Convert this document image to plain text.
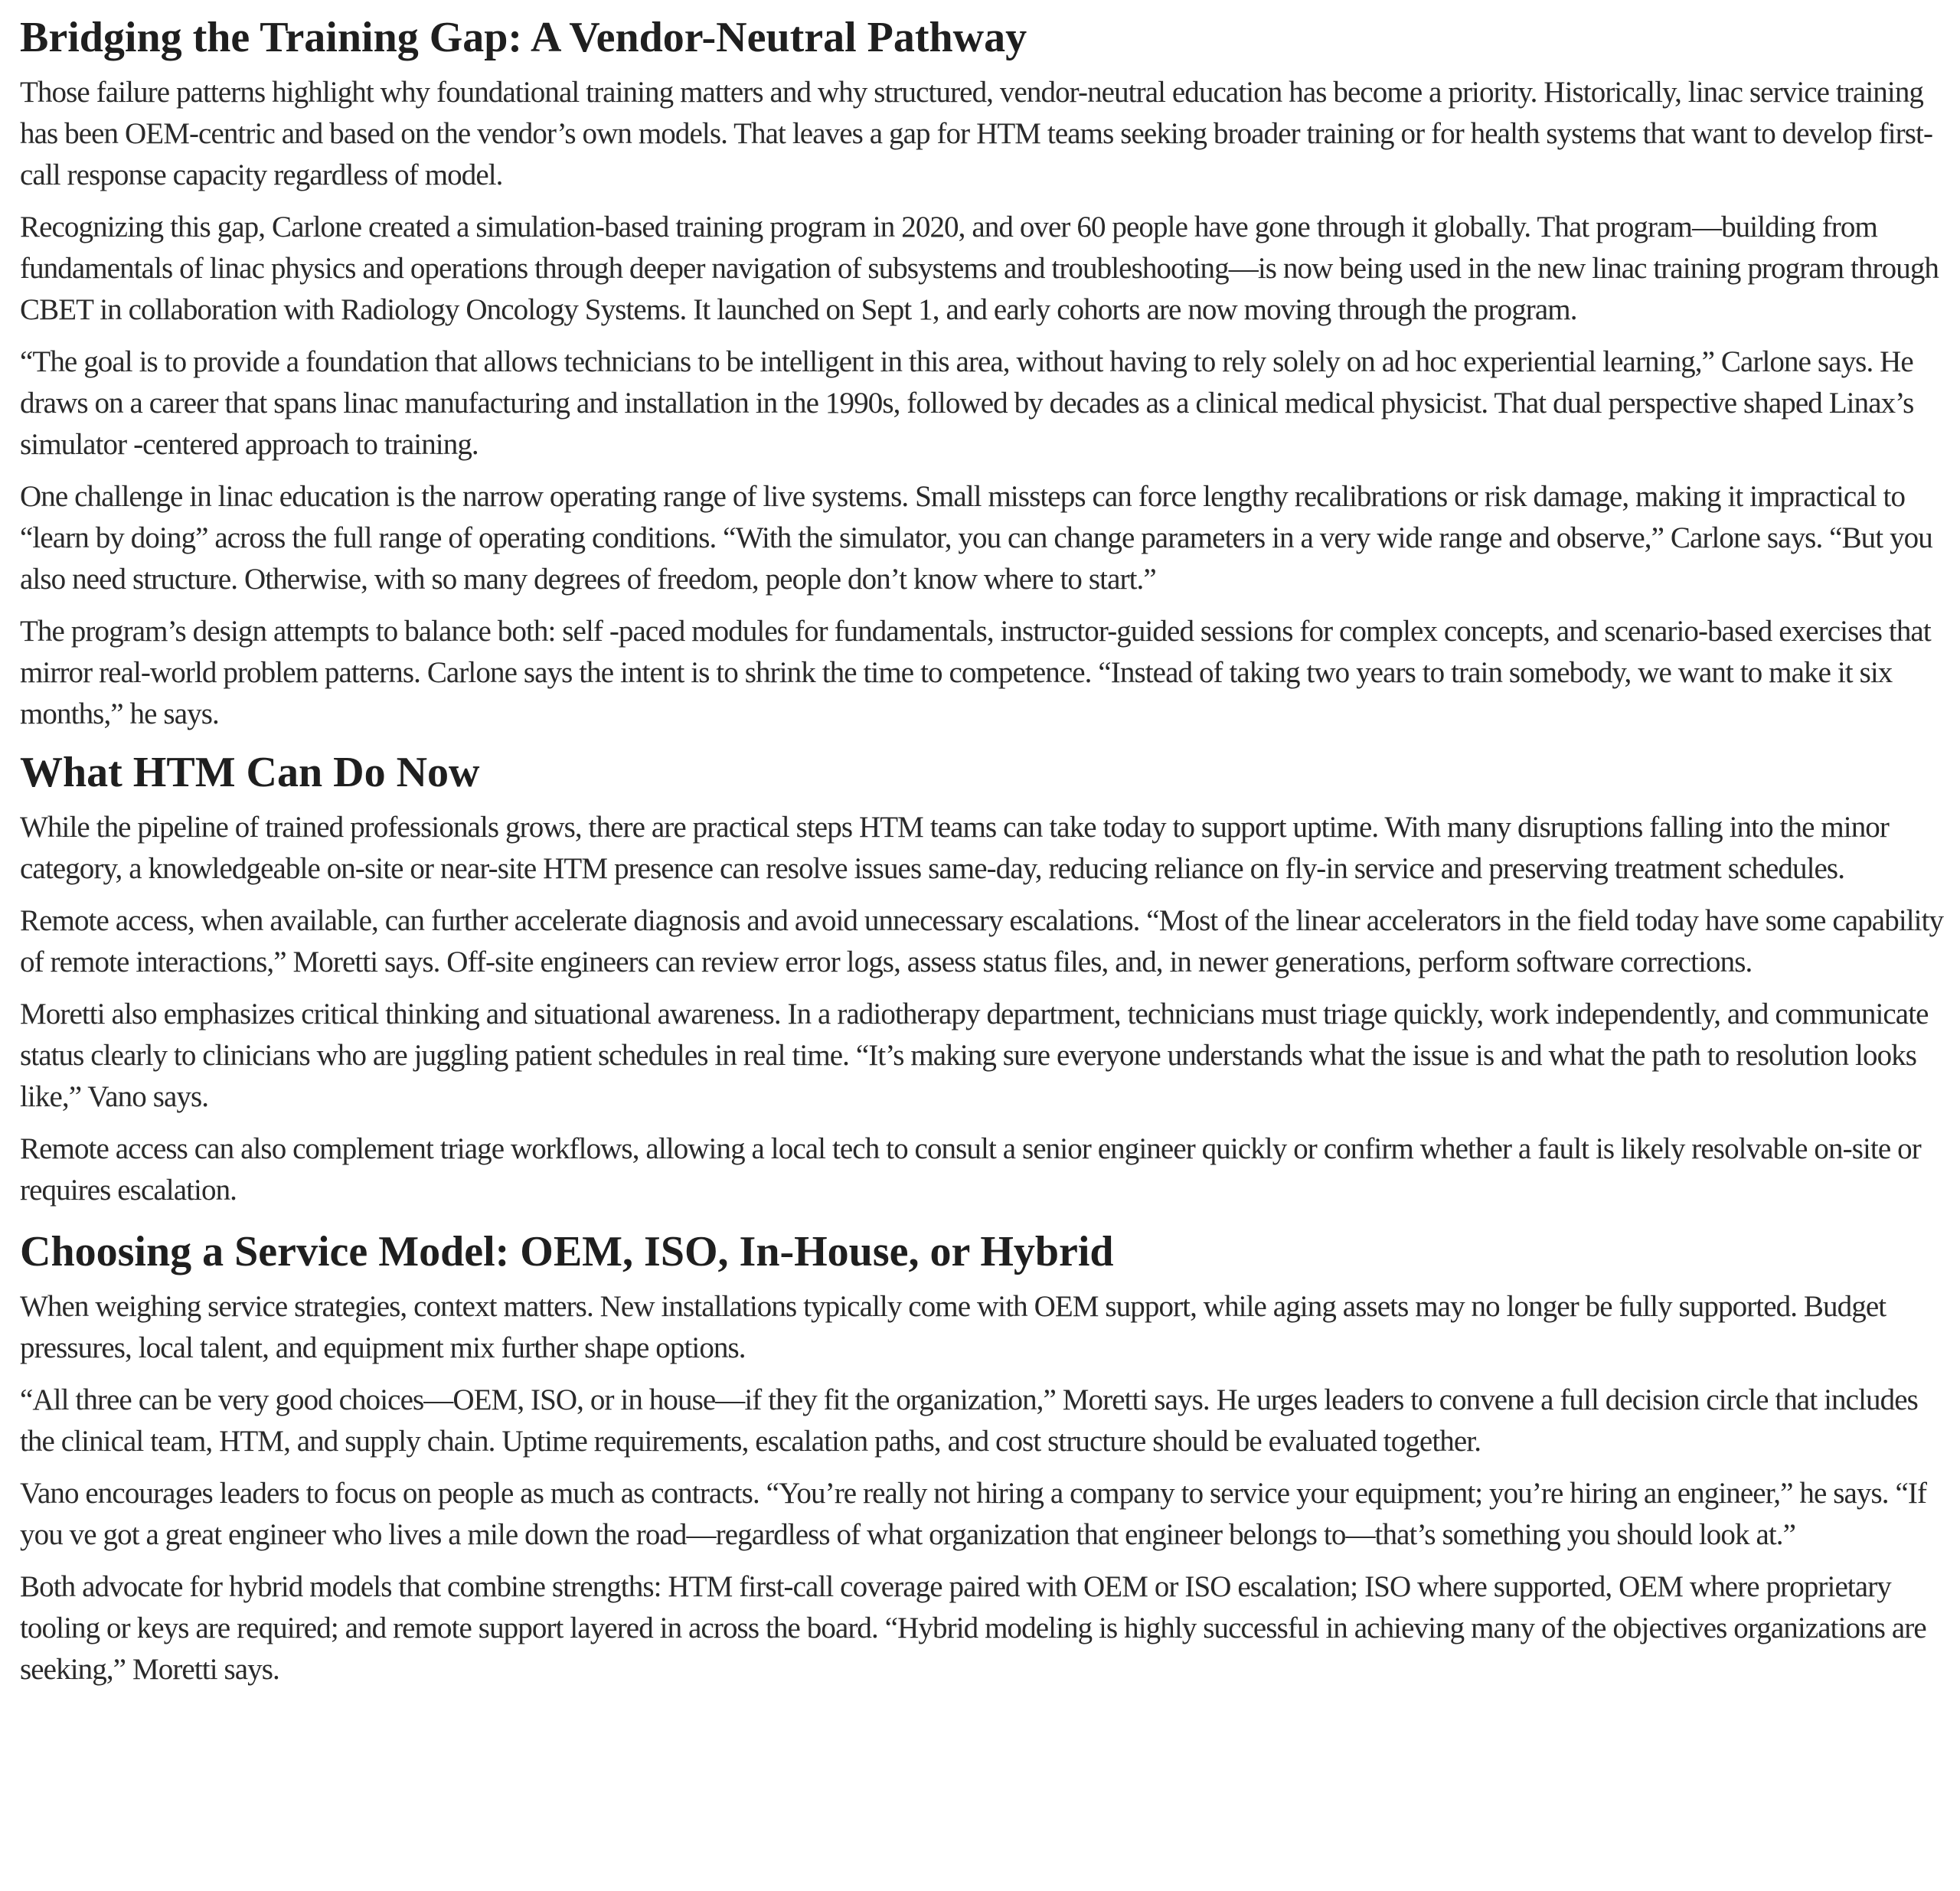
Bridging the Training Gap: A Vendor-Neutral Pathway

Those failure patterns highlight why foundational training matters and why structured, vendor-neutral education has become a priority. Historically, linac service training has been OEM-centric and based on the vendor’s own models. That leaves a gap for HTM teams seeking broader training or for health systems that want to develop first-call response capacity regardless of model.

Recognizing this gap, Carlone created a simulation-based training program in 2020, and over 60 people have gone through it globally. That program—building from fundamentals of linac physics and operations through deeper navigation of subsystems and troubleshooting—is now being used in the new linac training program through CBET in collaboration with Radiology Oncology Systems. It launched on Sept 1, and early cohorts are now moving through the program.

“The goal is to provide a foundation that allows technicians to be intelligent in this area, without having to rely solely on ad hoc experiential learning,” Carlone says. He draws on a career that spans linac manufacturing and installation in the 1990s, followed by decades as a clinical medical physicist. That dual perspective shaped Linax’s simulator -centered approach to training.

One challenge in linac education is the narrow operating range of live systems. Small missteps can force lengthy recalibrations or risk damage, making it impractical to “learn by doing” across the full range of operating conditions. “With the simulator, you can change parameters in a very wide range and observe,” Carlone says. “But you also need structure. Otherwise, with so many degrees of freedom, people don’t know where to start.”

The program’s design attempts to balance both: self -paced modules for fundamentals, instructor-guided sessions for complex concepts, and scenario-based exercises that mirror real-world problem patterns. Carlone says the intent is to shrink the time to competence. “Instead of taking two years to train somebody, we want to make it six months,” he says.

What HTM Can Do Now

While the pipeline of trained professionals grows, there are practical steps HTM teams can take today to support uptime. With many disruptions falling into the minor category, a knowledgeable on-site or near-site HTM presence can resolve issues same-day, reducing reliance on fly-in service and preserving treatment schedules.

Remote access, when available, can further accelerate diagnosis and avoid unnecessary escalations. “Most of the linear accelerators in the field today have some capability of remote interactions,” Moretti says. Off-site engineers can review error logs, assess status files, and, in newer generations, perform software corrections.

Moretti also emphasizes critical thinking and situational awareness. In a radiotherapy department, technicians must triage quickly, work independently, and communicate status clearly to clinicians who are juggling patient schedules in real time. “It’s making sure everyone understands what the issue is and what the path to resolution looks like,” Vano says.

Remote access can also complement triage workflows, allowing a local tech to consult a senior engineer quickly or confirm whether a fault is likely resolvable on-site or requires escalation.

Choosing a Service Model: OEM, ISO, In-House, or Hybrid

When weighing service strategies, context matters. New installations typically come with OEM support, while aging assets may no longer be fully supported. Budget pressures, local talent, and equipment mix further shape options.

“All three can be very good choices—OEM, ISO, or in house—if they fit the organization,” Moretti says. He urges leaders to convene a full decision circle that includes the clinical team, HTM, and supply chain. Uptime requirements, escalation paths, and cost structure should be evaluated together.

Vano encourages leaders to focus on people as much as contracts. “You’re really not hiring a company to service your equipment; you’re hiring an engineer,” he says. “If you ve got a great engineer who lives a mile down the road—regardless of what organization that engineer belongs to—that’s something you should look at.”

Both advocate for hybrid models that combine strengths: HTM first-call coverage paired with OEM or ISO escalation; ISO where supported, OEM where proprietary tooling or keys are required; and remote support layered in across the board. “Hybrid modeling is highly successful in achieving many of the objectives organizations are seeking,” Moretti says.
